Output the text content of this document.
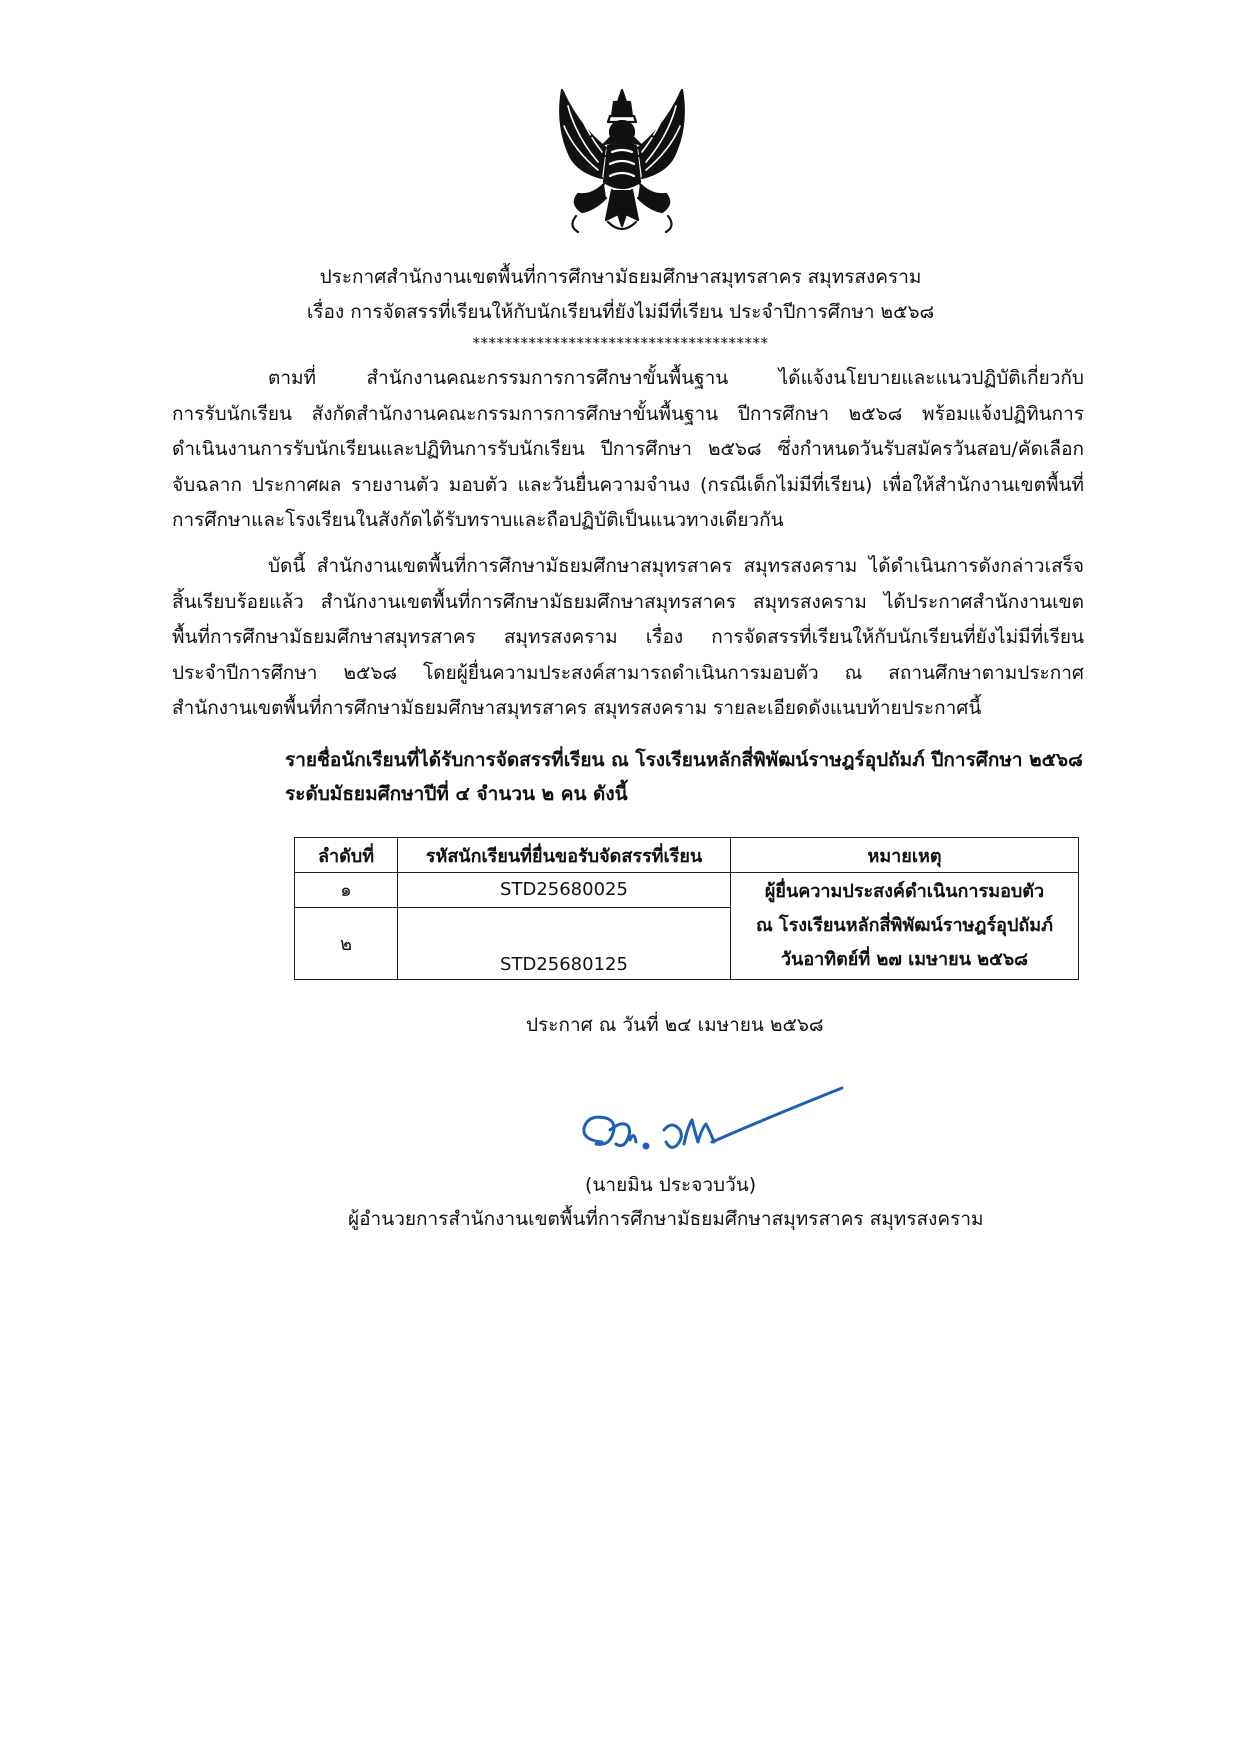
ประกาศสำนักงานเขตพื้นที่การศึกษามัธยมศึกษาสมุทรสาคร สมุทรสงคราม
เรื่อง การจัดสรรที่เรียนให้กับนักเรียนที่ยังไม่มีที่เรียน ประจำปีการศึกษา ๒๕๖๘
*************************************
ตามที่ สำนักงานคณะกรรมการการศึกษาขั้นพื้นฐาน ได้แจ้งนโยบายและแนวปฏิบัติเกี่ยวกับ
การรับนักเรียน สังกัดสำนักงานคณะกรรมการการศึกษาขั้นพื้นฐาน ปีการศึกษา ๒๕๖๘ พร้อมแจ้งปฏิทินการ
ดำเนินงานการรับนักเรียนและปฏิทินการรับนักเรียน ปีการศึกษา ๒๕๖๘ ซึ่งกำหนดวันรับสมัครวันสอบ/คัดเลือก
จับฉลาก ประกาศผล รายงานตัว มอบตัว และวันยื่นความจำนง (กรณีเด็กไม่มีที่เรียน) เพื่อให้สำนักงานเขตพื้นที่
การศึกษาและโรงเรียนในสังกัดได้รับทราบและถือปฏิบัติเป็นแนวทางเดียวกัน
บัดนี้ สำนักงานเขตพื้นที่การศึกษามัธยมศึกษาสมุทรสาคร สมุทรสงคราม ได้ดำเนินการดังกล่าวเสร็จ
สิ้นเรียบร้อยแล้ว สำนักงานเขตพื้นที่การศึกษามัธยมศึกษาสมุทรสาคร สมุทรสงคราม ได้ประกาศสำนักงานเขต
พื้นที่การศึกษามัธยมศึกษาสมุทรสาคร สมุทรสงคราม เรื่อง การจัดสรรที่เรียนให้กับนักเรียนที่ยังไม่มีที่เรียน
ประจำปีการศึกษา ๒๕๖๘ โดยผู้ยื่นความประสงค์สามารถดำเนินการมอบตัว ณ สถานศึกษาตามประกาศ
สำนักงานเขตพื้นที่การศึกษามัธยมศึกษาสมุทรสาคร สมุทรสงคราม รายละเอียดดังแนบท้ายประกาศนี้
รายชื่อนักเรียนที่ได้รับการจัดสรรที่เรียน ณ โรงเรียนหลักสี่พิพัฒน์ราษฎร์อุปถัมภ์ ปีการศึกษา ๒๕๖๘
ระดับมัธยมศึกษาปีที่ ๔ จำนวน ๒ คน ดังนี้
ลำดับที่	รหัสนักเรียนที่ยื่นขอรับจัดสรรที่เรียน	หมายเหตุ
๑	STD25680025	ผู้ยื่นความประสงค์ดำเนินการมอบตัว
ณ โรงเรียนหลักสี่พิพัฒน์ราษฎร์อุปถัมภ์
วันอาทิตย์ที่ ๒๗ เมษายน ๒๕๖๘

๒	STD25680125	
ประกาศ ณ วันที่ ๒๔ เมษายน ๒๕๖๘
(นายมิน ประจวบวัน)
ผู้อำนวยการสำนักงานเขตพื้นที่การศึกษามัธยมศึกษาสมุทรสาคร สมุทรสงคราม
